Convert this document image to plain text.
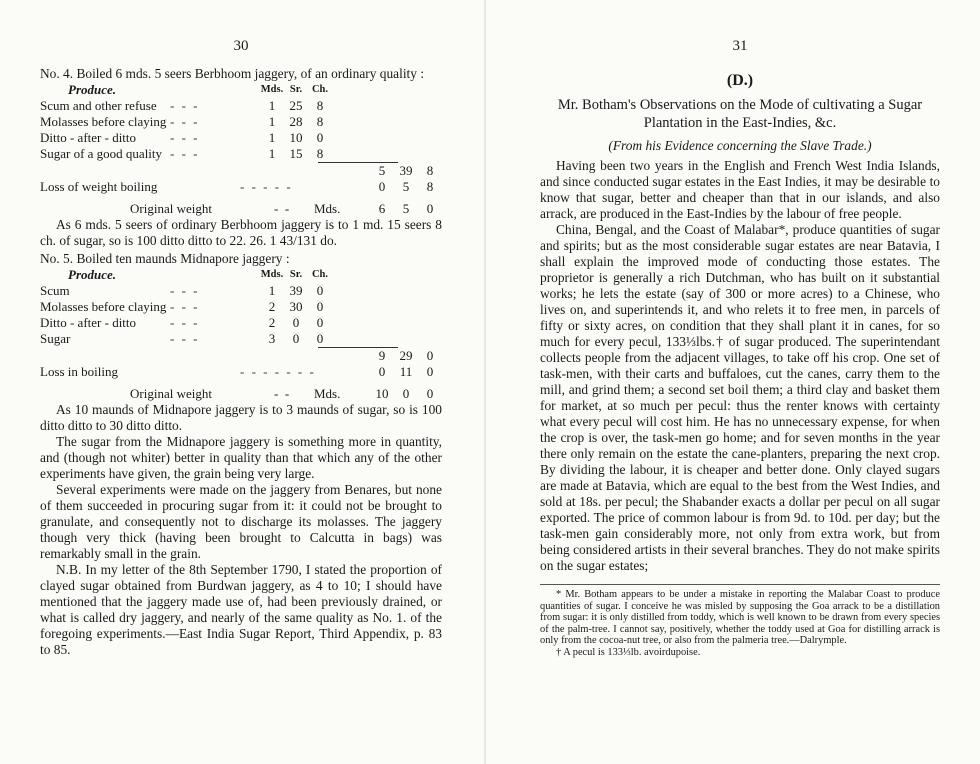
30

No. 4. Boiled 6 mds. 5 seers Berbhoom jaggery, of an ordinary quality :

Produce.	Mds. Sr. Ch.
Scum and other refuse	- - -	1	25	8
Molasses before claying - - -	1	28	8
Ditto - after - ditto	- - -	1	10	0
Sugar of a good quality - - -	1	15	8
5	39	8
Loss of weight boiling	- - - - -	0	5	8
Original weight	-  -	Mds.	6	5	0

As 6 mds. 5 seers of ordinary Berbhoom jaggery is to 1 md. 15 seers 8 ch. of sugar, so is 100 ditto ditto to 22. 26. 1 43/131 do.

No. 5. Boiled ten maunds Midnapore jaggery :

Produce.	Mds. Sr. Ch.
Scum	- - -	1	39	0
Molasses before claying - - -	2	30	0
Ditto - after - ditto	- - -	2	0	0
Sugar	- - -	3	0	0
9	29	0
Loss in boiling	- - - - - - -	0	11	0
Original weight	-  -	Mds.	10	0	0

As 10 maunds of Midnapore jaggery is to 3 maunds of sugar, so is 100 ditto ditto to 30 ditto ditto.

The sugar from the Midnapore jaggery is something more in quantity, and (though not whiter) better in quality than that which any of the other experiments have given, the grain being very large.

Several experiments were made on the jaggery from Benares, but none of them succeeded in procuring sugar from it: it could not be brought to granulate, and consequently not to discharge its molasses. The jaggery though very thick (having been brought to Calcutta in bags) was remarkably small in the grain.

N.B. In my letter of the 8th September 1790, I stated the proportion of clayed sugar obtained from Burdwan jaggery, as 4 to 10; I should have mentioned that the jaggery made use of, had been previously drained, or what is called dry jaggery, and nearly of the same quality as No. 1. of the foregoing experiments.—East India Sugar Report, Third Appendix, p. 83 to 85.

31
(D.)
Mr. Botham's Observations on the Mode of cultivating a Sugar Plantation in the East-Indies, &c.
(From his Evidence concerning the Slave Trade.)

Having been two years in the English and French West India Islands, and since conducted sugar estates in the East Indies, it may be desirable to know that sugar, better and cheaper than that in our islands, and also arrack, are produced in the East-Indies by the labour of free people.

China, Bengal, and the Coast of Malabar*, produce quantities of sugar and spirits; but as the most considerable sugar estates are near Batavia, I shall explain the improved mode of conducting those estates. The proprietor is generally a rich Dutchman, who has built on it substantial works; he lets the estate (say of 300 or more acres) to a Chinese, who lives on, and superintends it, and who relets it to free men, in parcels of fifty or sixty acres, on condition that they shall plant it in canes, for so much for every pecul, 133⅓lbs.† of sugar produced. The superintendant collects people from the adjacent villages, to take off his crop. One set of task-men, with their carts and buffaloes, cut the canes, carry them to the mill, and grind them; a second set boil them; a third clay and basket them for market, at so much per pecul: thus the renter knows with certainty what every pecul will cost him. He has no unnecessary expense, for when the crop is over, the task-men go home; and for seven months in the year there only remain on the estate the cane-planters, preparing the next crop. By dividing the labour, it is cheaper and better done. Only clayed sugars are made at Batavia, which are equal to the best from the West Indies, and sold at 18s. per pecul; the Shabander exacts a dollar per pecul on all sugar exported. The price of common labour is from 9d. to 10d. per day; but the task-men gain considerably more, not only from extra work, but from being considered artists in their several branches. They do not make spirits on the sugar estates;

* Mr. Botham appears to be under a mistake in reporting the Malabar Coast to produce quantities of sugar. I conceive he was misled by supposing the Goa arrack to be a distillation from sugar: it is only distilled from toddy, which is well known to be drawn from every species of the palm-tree. I cannot say, positively, whether the toddy used at Goa for distilling arrack is only from the cocoa-nut tree, or also from the palmeria tree.—Dalrymple.

† A pecul is 133⅓lb. avoirdupoise.
